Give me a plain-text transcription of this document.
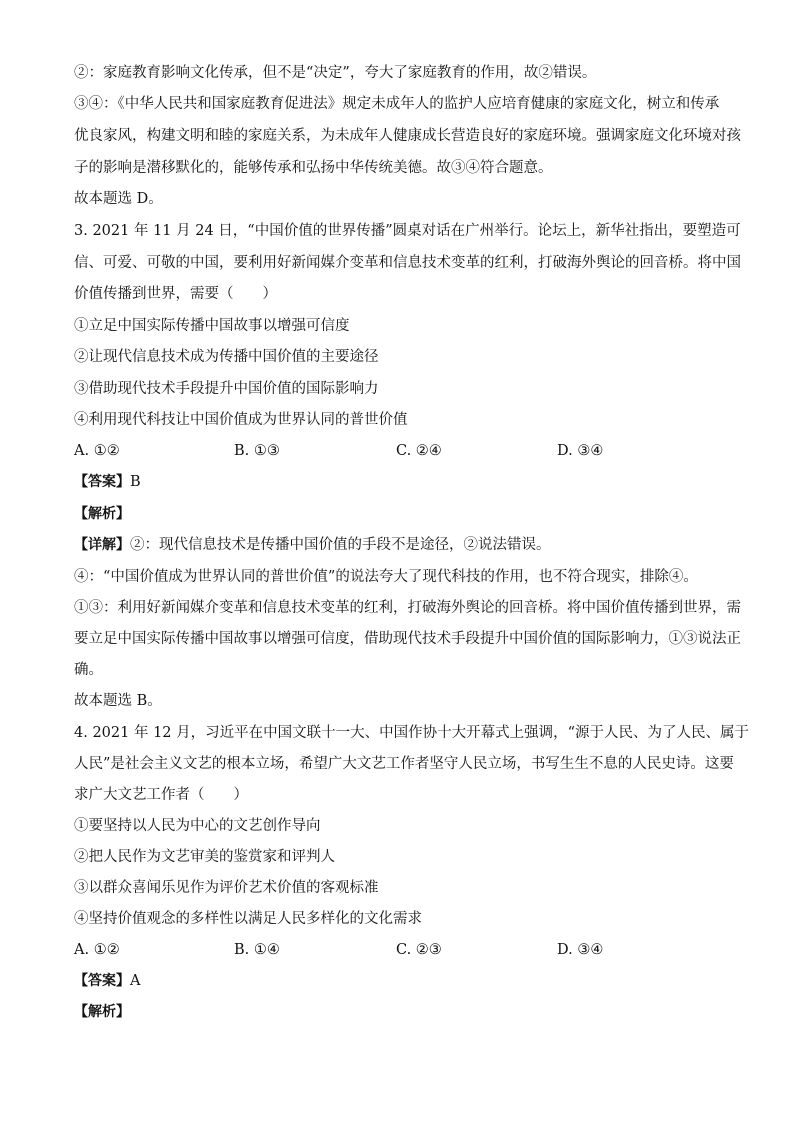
②：家庭教育影响文化传承，但不是“决定”，夸大了家庭教育的作用，故②错误。
③④：《中华人民共和国家庭教育促进法》规定未成年人的监护人应培育健康的家庭文化，树立和传承
优良家风，构建文明和睦的家庭关系，为未成年人健康成长营造良好的家庭环境。强调家庭文化环境对孩
子的影响是潜移默化的，能够传承和弘扬中华传统美德。故③④符合题意。
故本题选 D。
3. 2021 年 11 月 24 日，“中国价值的世界传播”圆桌对话在广州举行。论坛上，新华社指出，要塑造可
信、可爱、可敬的中国，要利用好新闻媒介变革和信息技术变革的红利，打破海外舆论的回音桥。将中国
价值传播到世界，需要（　　）
①立足中国实际传播中国故事以增强可信度
②让现代信息技术成为传播中国价值的主要途径
③借助现代技术手段提升中国价值的国际影响力
④利用现代科技让中国价值成为世界认同的普世价值
A. ①②	B. ①③	C. ②④	D. ③④
【答案】B
【解析】
【详解】②：现代信息技术是传播中国价值的手段不是途径，②说法错误。
④：“中国价值成为世界认同的普世价值”的说法夸大了现代科技的作用，也不符合现实，排除④。
①③：利用好新闻媒介变革和信息技术变革的红利，打破海外舆论的回音桥。将中国价值传播到世界，需
要立足中国实际传播中国故事以增强可信度，借助现代技术手段提升中国价值的国际影响力，①③说法正
确。
故本题选 B。
4. 2021 年 12 月，习近平在中国文联十一大、中国作协十大开幕式上强调，“源于人民、为了人民、属于
人民”是社会主义文艺的根本立场，希望广大文艺工作者坚守人民立场，书写生生不息的人民史诗。这要
求广大文艺工作者（　　）
①要坚持以人民为中心的文艺创作导向
②把人民作为文艺审美的鉴赏家和评判人
③以群众喜闻乐见作为评价艺术价值的客观标准
④坚持价值观念的多样性以满足人民多样化的文化需求
A. ①②	B. ①④	C. ②③	D. ③④
【答案】A
【解析】
